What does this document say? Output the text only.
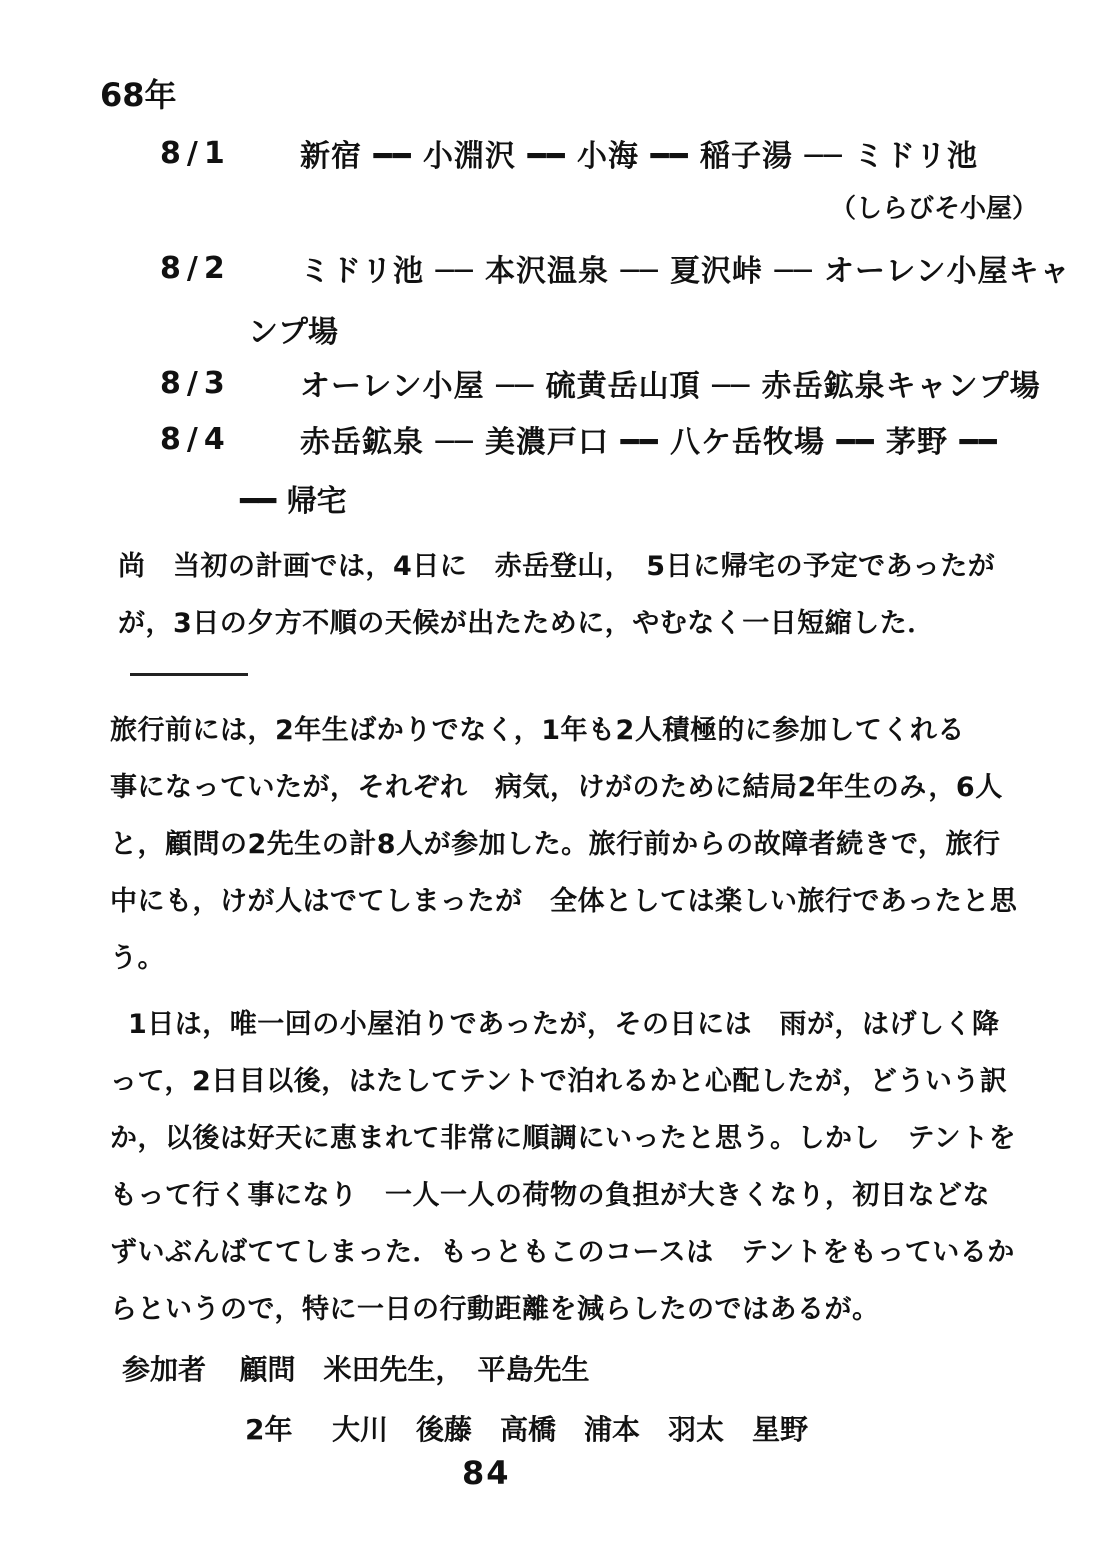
68年
8/1	新宿 ━━ 小淵沢 ━━ 小海 ━━ 稲子湯 ── ミドリ池
（しらびそ小屋）
8/2	ミドリ池 ── 本沢温泉 ── 夏沢峠 ── オーレン小屋キャ
ンプ場
8/3	オーレン小屋 ── 硫黄岳山頂 ── 赤岳鉱泉キャンプ場
8/4	赤岳鉱泉 ── 美濃戸口 ━━ 八ケ岳牧場 ━━ 茅野 ━━
━━ 帰宅
尚　当初の計画では，4日に　赤岳登山，　5日に帰宅の予定であったが
が，3日の夕方不順の天候が出たために，やむなく一日短縮した．
旅行前には，2年生ばかりでなく，1年も2人積極的に参加してくれる
事になっていたが，それぞれ　病気，けがのために結局2年生のみ，6人
と，顧問の2先生の計8人が参加した。旅行前からの故障者続きで，旅行
中にも，けが人はでてしまったが　全体としては楽しい旅行であったと思
う。
1日は，唯一回の小屋泊りであったが，その日には　雨が，はげしく降
って，2日目以後，はたしてテントで泊れるかと心配したが，どういう訳
か，以後は好天に恵まれて非常に順調にいったと思う。しかし　テントを
もって行く事になり　一人一人の荷物の負担が大きくなり，初日などな
ずいぶんばててしまった．もっともこのコースは　テントをもっているか
らというので，特に一日の行動距離を減らしたのではあるが。
参加者 顧問　米田先生，　平島先生
2年 大川　後藤　高橋　浦本　羽太　星野
84
